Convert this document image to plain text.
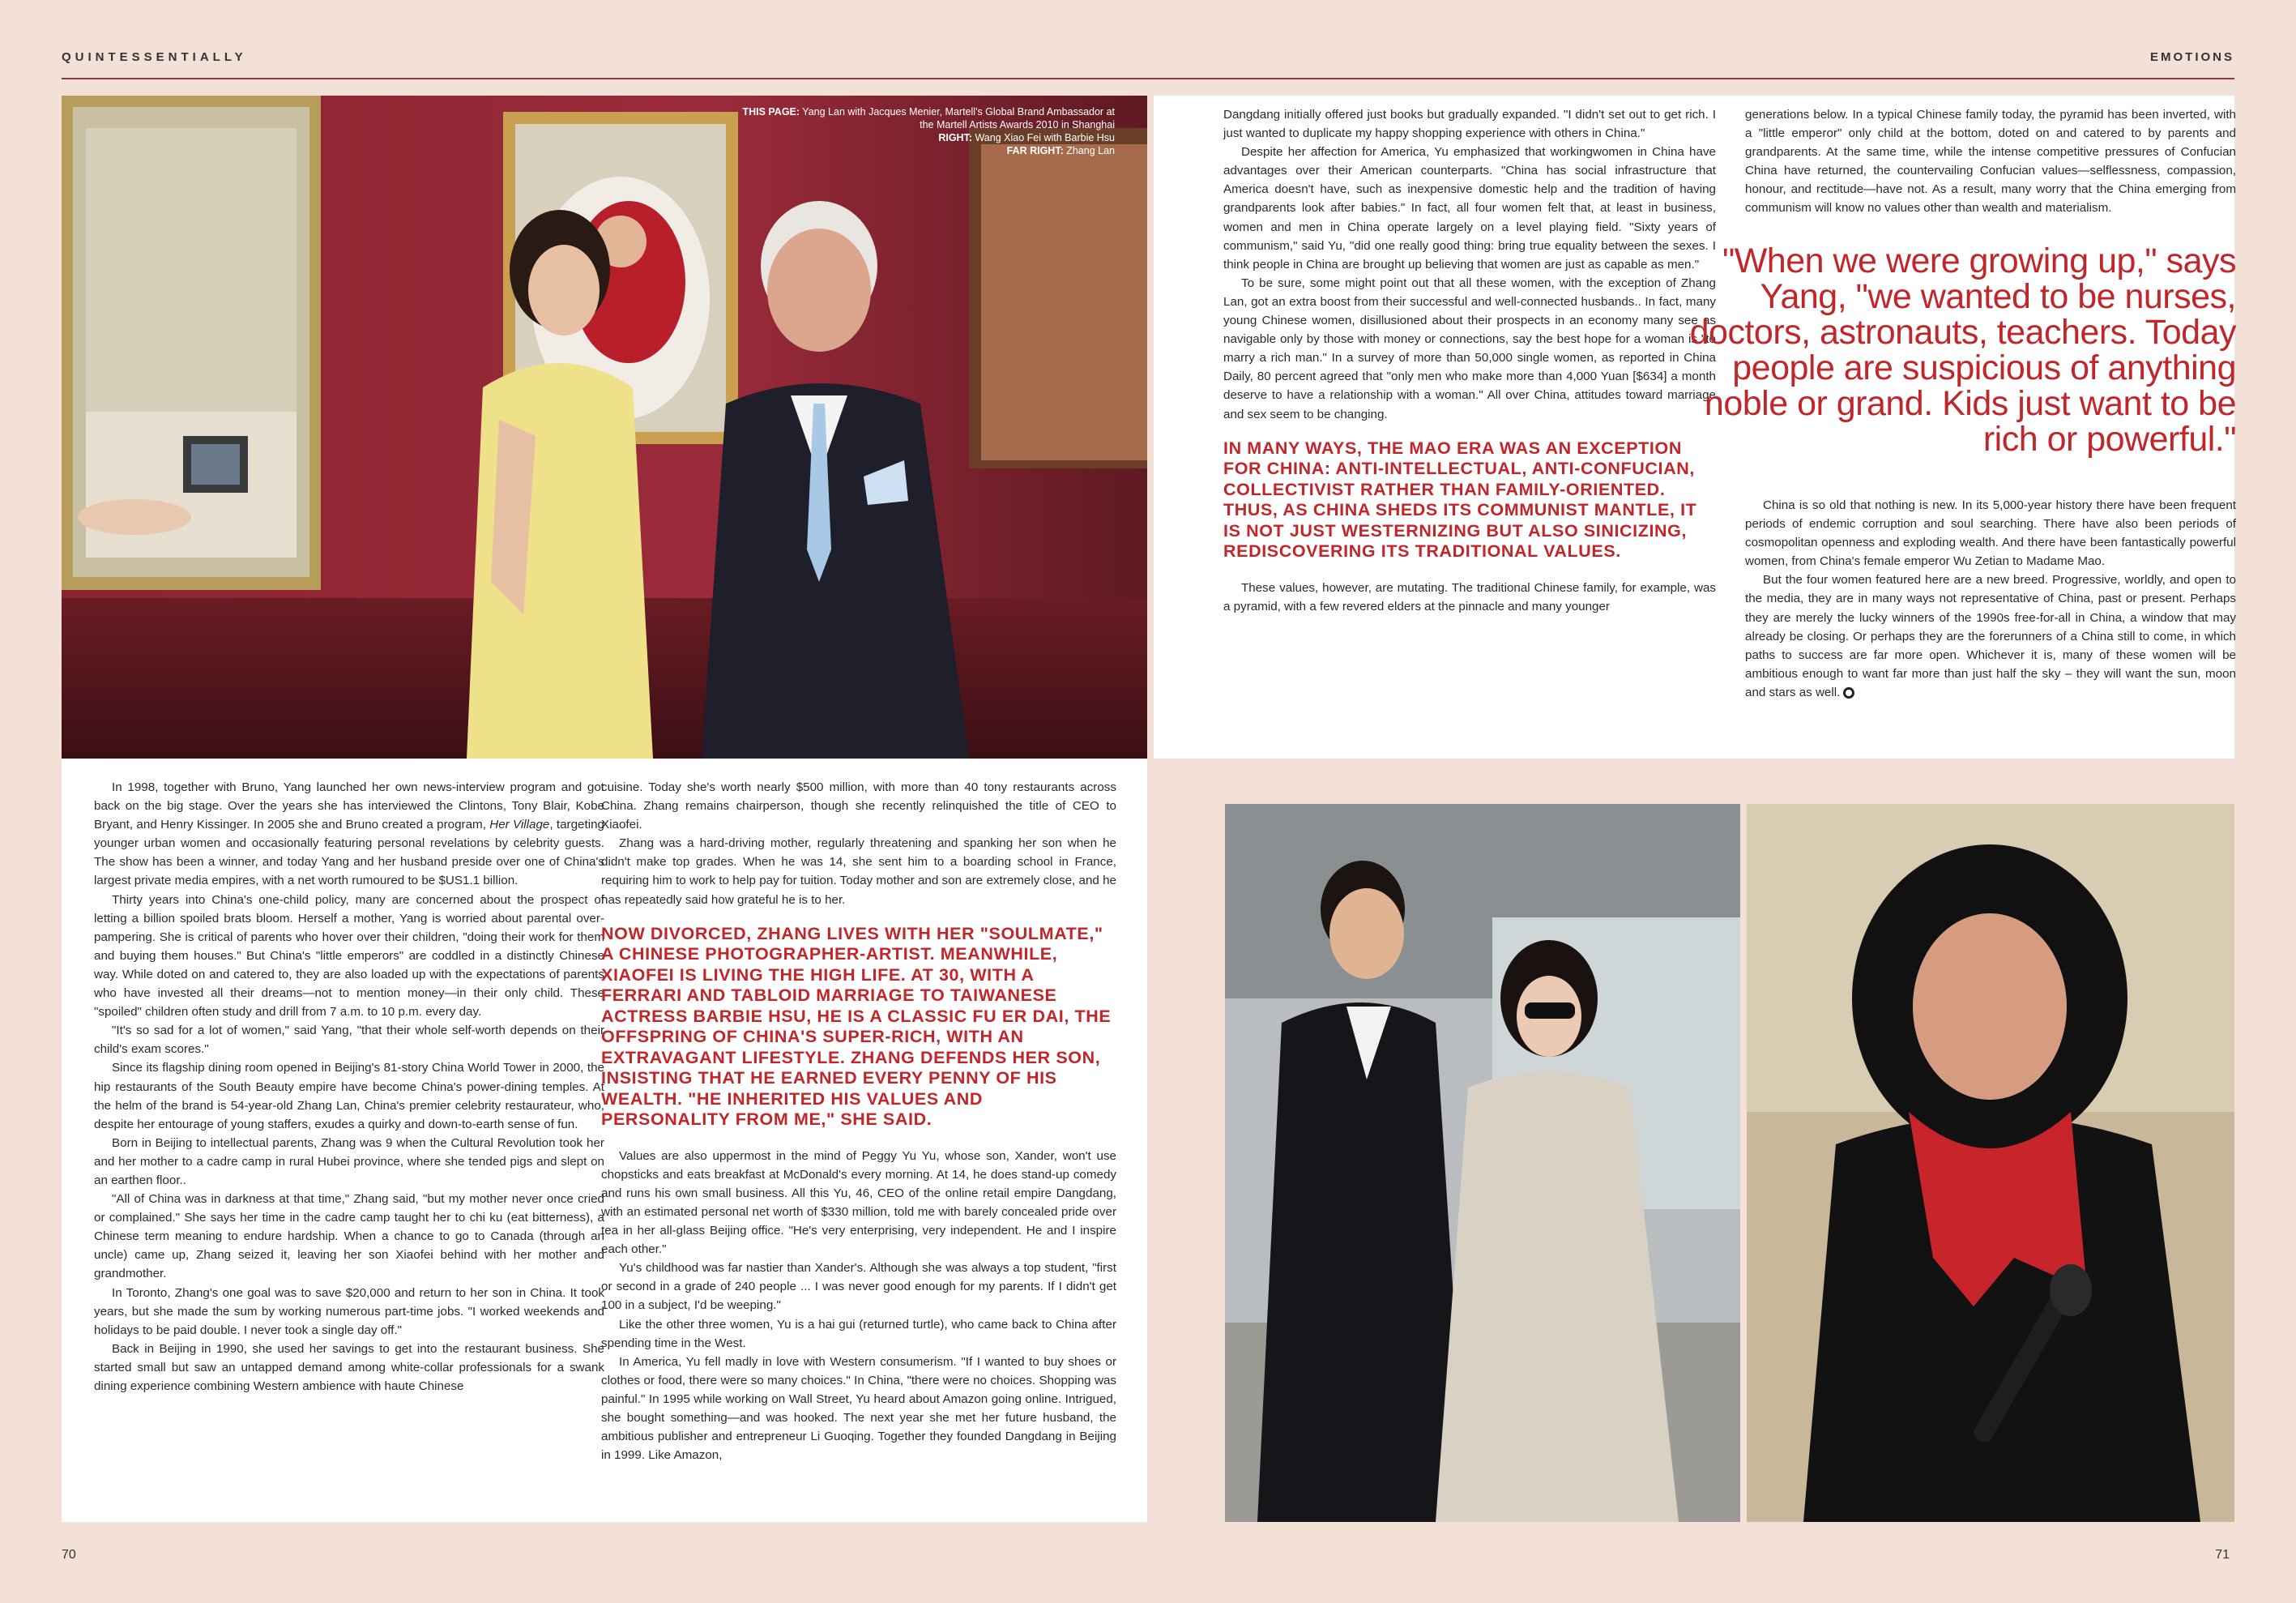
QUINTESSENTIALLY	EMOTIONS
THIS PAGE: Yang Lan with Jacques Menier, Martell's Global Brand Ambassador at the Martell Artists Awards 2010 in Shanghai
RIGHT: Wang Xiao Fei with Barbie Hsu
FAR RIGHT: Zhang Lan

In 1998, together with Bruno, Yang launched her own news-interview program and got back on the big stage. Over the years she has interviewed the Clintons, Tony Blair, Kobe Bryant, and Henry Kissinger. In 2005 she and Bruno created a program, Her Village, targeting younger urban women and occasionally featuring personal revelations by celebrity guests. The show has been a winner, and today Yang and her husband preside over one of China's largest private media empires, with a net worth rumoured to be $US1.1 billion.

Thirty years into China's one-child policy, many are concerned about the prospect of letting a billion spoiled brats bloom. Herself a mother, Yang is worried about parental over-pampering. She is critical of parents who hover over their children, "doing their work for them and buying them houses." But China's "little emperors" are coddled in a distinctly Chinese way. While doted on and catered to, they are also loaded up with the expectations of parents who have invested all their dreams—not to mention money—in their only child. These "spoiled" children often study and drill from 7 a.m. to 10 p.m. every day.

"It's so sad for a lot of women," said Yang, "that their whole self-worth depends on their child's exam scores."

Since its flagship dining room opened in Beijing's 81-story China World Tower in 2000, the hip restaurants of the South Beauty empire have become China's power-dining temples. At the helm of the brand is 54-year-old Zhang Lan, China's premier celebrity restaurateur, who, despite her entourage of young staffers, exudes a quirky and down-to-earth sense of fun.

Born in Beijing to intellectual parents, Zhang was 9 when the Cultural Revolution took her and her mother to a cadre camp in rural Hubei province, where she tended pigs and slept on an earthen floor..

"All of China was in darkness at that time," Zhang said, "but my mother never once cried or complained." She says her time in the cadre camp taught her to chi ku (eat bitterness), a Chinese term meaning to endure hardship. When a chance to go to Canada (through an uncle) came up, Zhang seized it, leaving her son Xiaofei behind with her mother and grandmother.

In Toronto, Zhang's one goal was to save $20,000 and return to her son in China. It took years, but she made the sum by working numerous part-time jobs. "I worked weekends and holidays to be paid double. I never took a single day off."

Back in Beijing in 1990, she used her savings to get into the restaurant business. She started small but saw an untapped demand among white-collar professionals for a swank dining experience combining Western ambience with haute Chinese

cuisine. Today she's worth nearly $500 million, with more than 40 tony restaurants across China. Zhang remains chairperson, though she recently relinquished the title of CEO to Xiaofei.

Zhang was a hard-driving mother, regularly threatening and spanking her son when he didn't make top grades. When he was 14, she sent him to a boarding school in France, requiring him to work to help pay for tuition. Today mother and son are extremely close, and he has repeatedly said how grateful he is to her.

NOW DIVORCED, ZHANG LIVES WITH HER "SOULMATE," A CHINESE PHOTOGRAPHER-ARTIST. MEANWHILE, XIAOFEI IS LIVING THE HIGH LIFE. AT 30, WITH A FERRARI AND TABLOID MARRIAGE TO TAIWANESE ACTRESS BARBIE HSU, HE IS A CLASSIC FU ER DAI, THE OFFSPRING OF CHINA'S SUPER-RICH, WITH AN EXTRAVAGANT LIFESTYLE. ZHANG DEFENDS HER SON, INSISTING THAT HE EARNED EVERY PENNY OF HIS WEALTH. "HE INHERITED HIS VALUES AND PERSONALITY FROM ME," SHE SAID.

Values are also uppermost in the mind of Peggy Yu Yu, whose son, Xander, won't use chopsticks and eats breakfast at McDonald's every morning. At 14, he does stand-up comedy and runs his own small business. All this Yu, 46, CEO of the online retail empire Dangdang, with an estimated personal net worth of $330 million, told me with barely concealed pride over tea in her all-glass Beijing office. "He's very enterprising, very independent. He and I inspire each other."

Yu's childhood was far nastier than Xander's. Although she was always a top student, "first or second in a grade of 240 people ... I was never good enough for my parents. If I didn't get 100 in a subject, I'd be weeping."

Like the other three women, Yu is a hai gui (returned turtle), who came back to China after spending time in the West.

In America, Yu fell madly in love with Western consumerism. "If I wanted to buy shoes or clothes or food, there were so many choices." In China, "there were no choices. Shopping was painful." In 1995 while working on Wall Street, Yu heard about Amazon going online. Intrigued, she bought something—and was hooked. The next year she met her future husband, the ambitious publisher and entrepreneur Li Guoqing. Together they founded Dangdang in Beijing in 1999. Like Amazon,

Dangdang initially offered just books but gradually expanded. "I didn't set out to get rich. I just wanted to duplicate my happy shopping experience with others in China."

Despite her affection for America, Yu emphasized that workingwomen in China have advantages over their American counterparts. "China has social infrastructure that America doesn't have, such as inexpensive domestic help and the tradition of having grandparents look after babies." In fact, all four women felt that, at least in business, women and men in China operate largely on a level playing field. "Sixty years of communism," said Yu, "did one really good thing: bring true equality between the sexes. I think people in China are brought up believing that women are just as capable as men."

To be sure, some might point out that all these women, with the exception of Zhang Lan, got an extra boost from their successful and well-connected husbands.. In fact, many young Chinese women, disillusioned about their prospects in an economy many see as navigable only by those with money or connections, say the best hope for a woman is "to marry a rich man." In a survey of more than 50,000 single women, as reported in China Daily, 80 percent agreed that "only men who make more than 4,000 Yuan [$634] a month deserve to have a relationship with a woman." All over China, attitudes toward marriage and sex seem to be changing.

IN MANY WAYS, THE MAO ERA WAS AN EXCEPTION FOR CHINA: ANTI-INTELLECTUAL, ANTI-CONFUCIAN, COLLECTIVIST RATHER THAN FAMILY-ORIENTED. THUS, AS CHINA SHEDS ITS COMMUNIST MANTLE, IT IS NOT JUST WESTERNIZING BUT ALSO SINICIZING, REDISCOVERING ITS TRADITIONAL VALUES.

These values, however, are mutating. The traditional Chinese family, for example, was a pyramid, with a few revered elders at the pinnacle and many younger

generations below. In a typical Chinese family today, the pyramid has been inverted, with a "little emperor" only child at the bottom, doted on and catered to by parents and grandparents. At the same time, while the intense competitive pressures of Confucian China have returned, the countervailing Confucian values—selflessness, compassion, honour, and rectitude—have not. As a result, many worry that the China emerging from communism will know no values other than wealth and materialism.

"When we were growing up," says Yang, "we wanted to be nurses, doctors, astronauts, teachers. Today people are suspicious of anything noble or grand. Kids just want to be rich or powerful."

China is so old that nothing is new. In its 5,000-year history there have been frequent periods of endemic corruption and soul searching. There have also been periods of cosmopolitan openness and exploding wealth. And there have been fantastically powerful women, from China's female emperor Wu Zetian to Madame Mao.

But the four women featured here are a new breed. Progressive, worldly, and open to the media, they are in many ways not representative of China, past or present. Perhaps they are merely the lucky winners of the 1990s free-for-all in China, a window that may already be closing. Or perhaps they are the forerunners of a China still to come, in which paths to success are far more open. Whichever it is, many of these women will be ambitious enough to want far more than just half the sky – they will want the sun, moon and stars as well.

70	71
